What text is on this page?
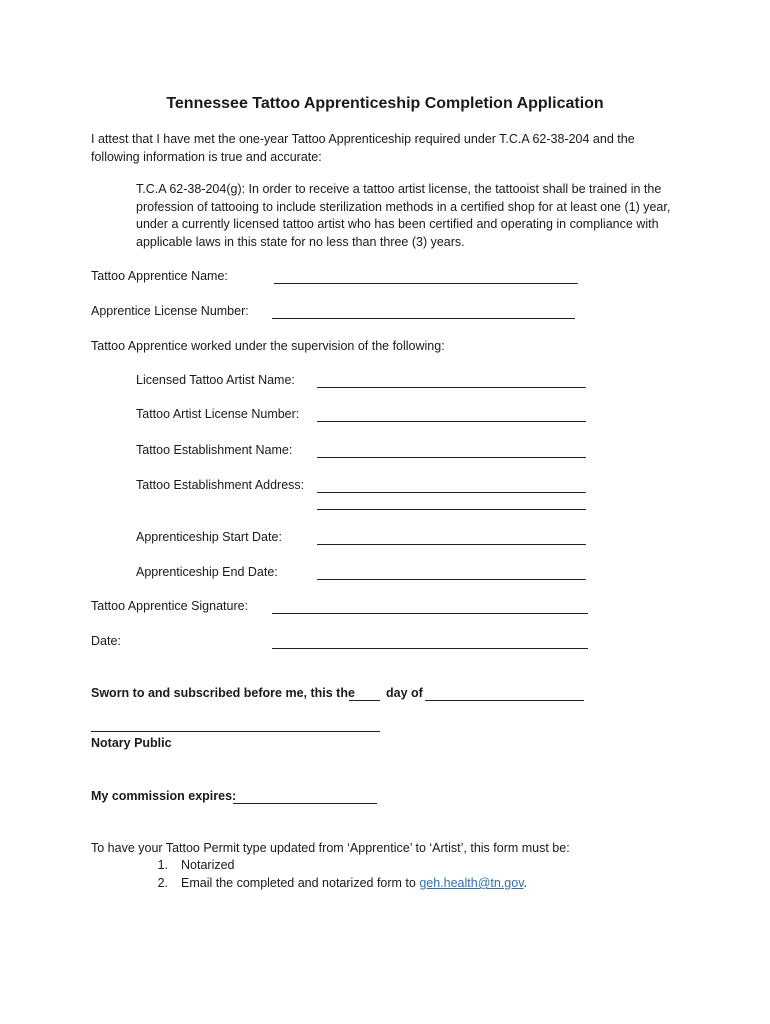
Tennessee Tattoo Apprenticeship Completion Application
I attest that I have met the one-year Tattoo Apprenticeship required under T.C.A 62-38-204 and the following information is true and accurate:
T.C.A 62-38-204(g): In order to receive a tattoo artist license, the tattooist shall be trained in the profession of tattooing to include sterilization methods in a certified shop for at least one (1) year, under a currently licensed tattoo artist who has been certified and operating in compliance with applicable laws in this state for no less than three (3) years.
Tattoo Apprentice Name:
Apprentice License Number:
Tattoo Apprentice worked under the supervision of the following:
Licensed Tattoo Artist Name:
Tattoo Artist License Number:
Tattoo Establishment Name:
Tattoo Establishment Address:
Apprenticeship Start Date:
Apprenticeship End Date:
Tattoo Apprentice Signature:
Date:
Sworn to and subscribed before me, this the day of
Notary Public
My commission expires:
To have your Tattoo Permit type updated from ‘Apprentice’ to ‘Artist’, this form must be:
1. Notarized
2. Email the completed and notarized form to geh.health@tn.gov.
